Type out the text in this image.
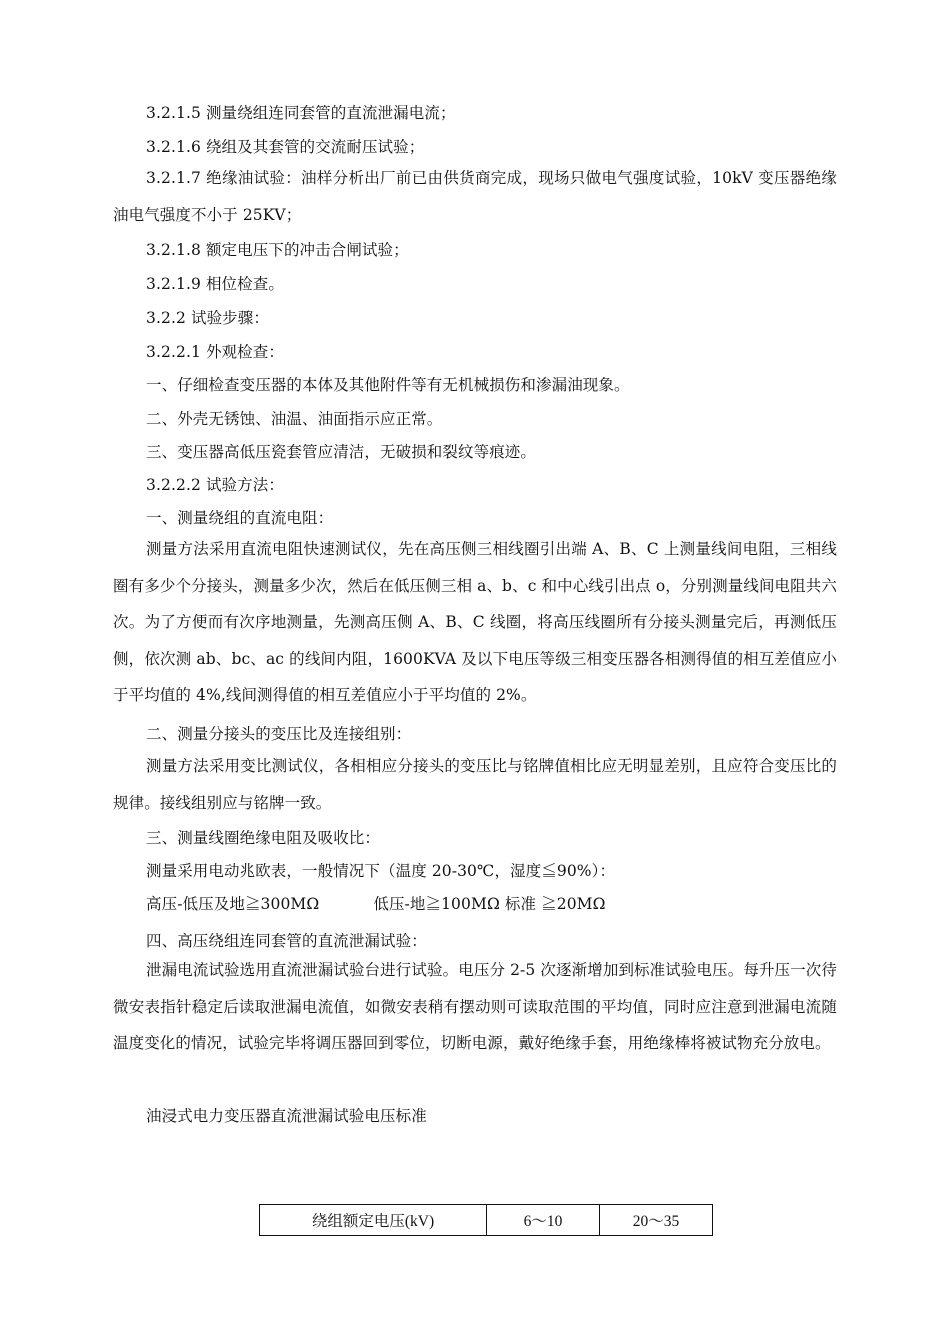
3.2.1.5 测量绕组连同套管的直流泄漏电流；
3.2.1.6 绕组及其套管的交流耐压试验；
3.2.1.7 绝缘油试验：油样分析出厂前已由供货商完成，现场只做电气强度试验，10kV 变压器绝缘油电气强度不小于 25KV；
3.2.1.8 额定电压下的冲击合闸试验；
3.2.1.9 相位检查。
3.2.2 试验步骤：
3.2.2.1 外观检查：
一、仔细检查变压器的本体及其他附件等有无机械损伤和渗漏油现象。
二、外壳无锈蚀、油温、油面指示应正常。
三、变压器高低压瓷套管应清洁，无破损和裂纹等痕迹。
3.2.2.2 试验方法：
一、测量绕组的直流电阻：
测量方法采用直流电阻快速测试仪，先在高压侧三相线圈引出端 A、B、C 上测量线间电阻，三相线圈有多少个分接头，测量多少次，然后在低压侧三相 a、b、c 和中心线引出点 o，分别测量线间电阻共六次。为了方便而有次序地测量，先测高压侧 A、B、C 线圈，将高压线圈所有分接头测量完后，再测低压侧，依次测 ab、bc、ac 的线间内阻，1600KVA 及以下电压等级三相变压器各相测得值的相互差值应小于平均值的 4%,线间测得值的相互差值应小于平均值的 2%。
二、测量分接头的变压比及连接组别：
测量方法采用变比测试仪，各相相应分接头的变压比与铭牌值相比应无明显差别，且应符合变压比的规律。接线组别应与铭牌一致。
三、测量线圈绝缘电阻及吸收比：
测量采用电动兆欧表，一般情况下（温度 20-30℃，湿度≦90%）：
高压-低压及地≧300MΩ	低压-地≧100MΩ 标准 ≧20MΩ
四、高压绕组连同套管的直流泄漏试验：
泄漏电流试验选用直流泄漏试验台进行试验。电压分 2-5 次逐渐增加到标准试验电压。每升压一次待微安表指针稳定后读取泄漏电流值，如微安表稍有摆动则可读取范围的平均值，同时应注意到泄漏电流随温度变化的情况，试验完毕将调压器回到零位，切断电源，戴好绝缘手套，用绝缘棒将被试物充分放电。
油浸式电力变压器直流泄漏试验电压标准
绕组额定电压(kV)	6～10	20～35
